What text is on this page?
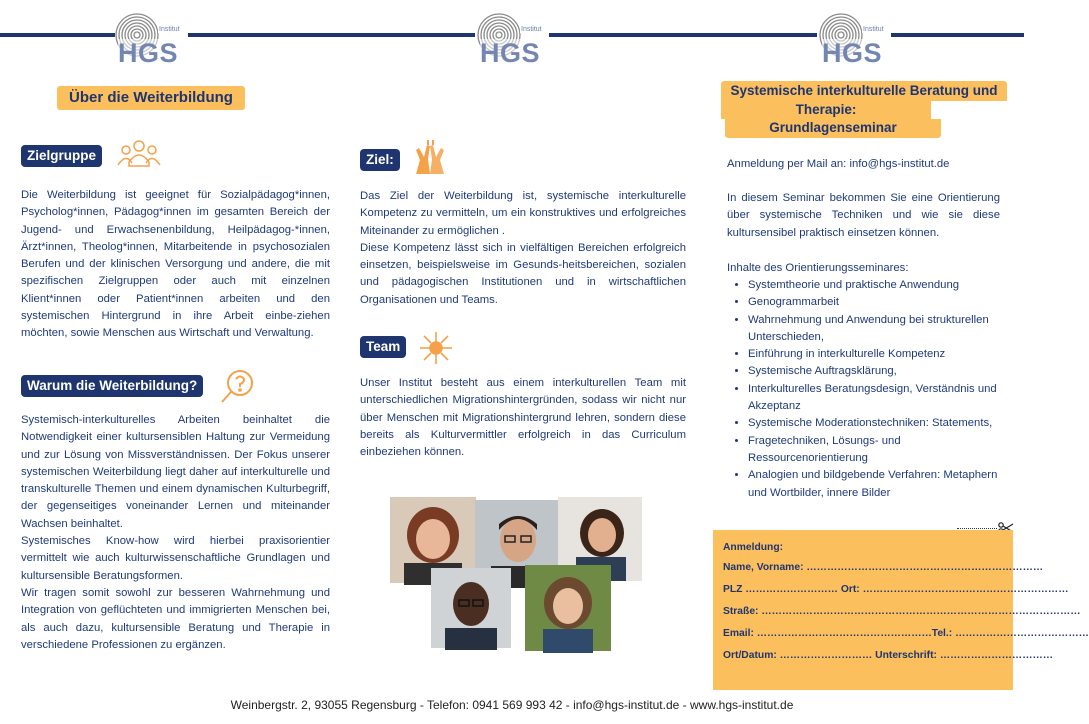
Institut
HGS
Institut
HGS
Institut
HGS
Über die Weiterbildung
Zielgruppe
Die Weiterbildung ist geeignet für Sozialpädagog*innen, Psycholog*innen, Pädagog*innen im gesamten Bereich der Jugend- und Erwachsenenbildung, Heilpädagog-*innen, Ärzt*innen, Theolog*innen, Mitarbeitende in psychosozialen Berufen und der klinischen Versorgung und andere, die mit spezifischen Zielgruppen oder auch mit einzelnen Klient*innen oder Patient*innen arbeiten und den systemischen Hintergrund in ihre Arbeit einbe-ziehen möchten, sowie Menschen aus Wirtschaft und Verwaltung.
Warum die Weiterbildung?

Systemisch-interkulturelles Arbeiten beinhaltet die Notwendigkeit einer kultursensiblen Haltung zur Vermeidung und zur Lösung von Missverständnissen. Der Fokus unserer systemischen Weiterbildung liegt daher auf interkulturelle und transkulturelle Themen und einem dynamischen Kulturbegriff, der gegenseitiges voneinander Lernen und miteinander Wachsen beinhaltet.

Systemisches Know-how wird hierbei praxisorientier vermittelt wie auch kulturwissenschaftliche Grundlagen und kultursensible Beratungsformen.

Wir tragen somit sowohl zur besseren Wahrnehmung und Integration von geflüchteten und immigrierten Menschen bei, als auch dazu, kultursensible Beratung und Therapie in verschiedene Professionen zu ergänzen.

Ziel:

Das Ziel der Weiterbildung ist, systemische interkulturelle Kompetenz zu vermitteln, um ein konstruktives und erfolgreiches Miteinander zu ermöglichen .

Diese Kompetenz lässt sich in vielfältigen Bereichen erfolgreich einsetzen, beispielsweise im Gesunds-heitsbereichen, sozialen und pädagogischen Institutionen und in wirtschaftlichen Organisationen und Teams.

Team
Unser Institut besteht aus einem interkulturellen Team mit unterschiedlichen Migrationshintergründen, sodass wir nicht nur über Menschen mit Migrationshintergrund lehren, sondern diese bereits als Kulturvermittler erfolgreich in das Curriculum einbeziehen können.
Systemische interkulturelle Beratung und
Therapie:
Grundlagenseminar
Anmeldung per Mail an: info@hgs-institut.de
In diesem Seminar bekommen Sie eine Orientierung über systemische Techniken und wie sie diese kultursensibel praktisch einsetzen können.
Inhalte des Orientierungsseminares:
• Systemtheorie und praktische Anwendung
• Genogrammarbeit
• Wahrnehmung und Anwendung bei strukturellen Unterschieden,
• Einführung in interkulturelle Kompetenz
• Systemische Auftragsklärung,
• Interkulturelles Beratungsdesign, Verständnis und Akzeptanz
• Systemische Moderationstechniken: Statements,
• Fragetechniken, Lösungs- und Ressourcenorientierung
• Analogien und bildgebende Verfahren: Metaphern und Wortbilder, innere Bilder
Anmeldung:
Name, Vorname: ……………………………………………………………
PLZ ……………………… Ort: ……………………………………………………
Straße: …………………………………………………………………………………
Email: ……………………………………………Tel.: …………………………………
Ort/Datum: ……………………… Unterschrift: ……………………………
Weinbergstr. 2, 93055 Regensburg - Telefon: 0941 569 993 42 - info@hgs-institut.de - www.hgs-institut.de
